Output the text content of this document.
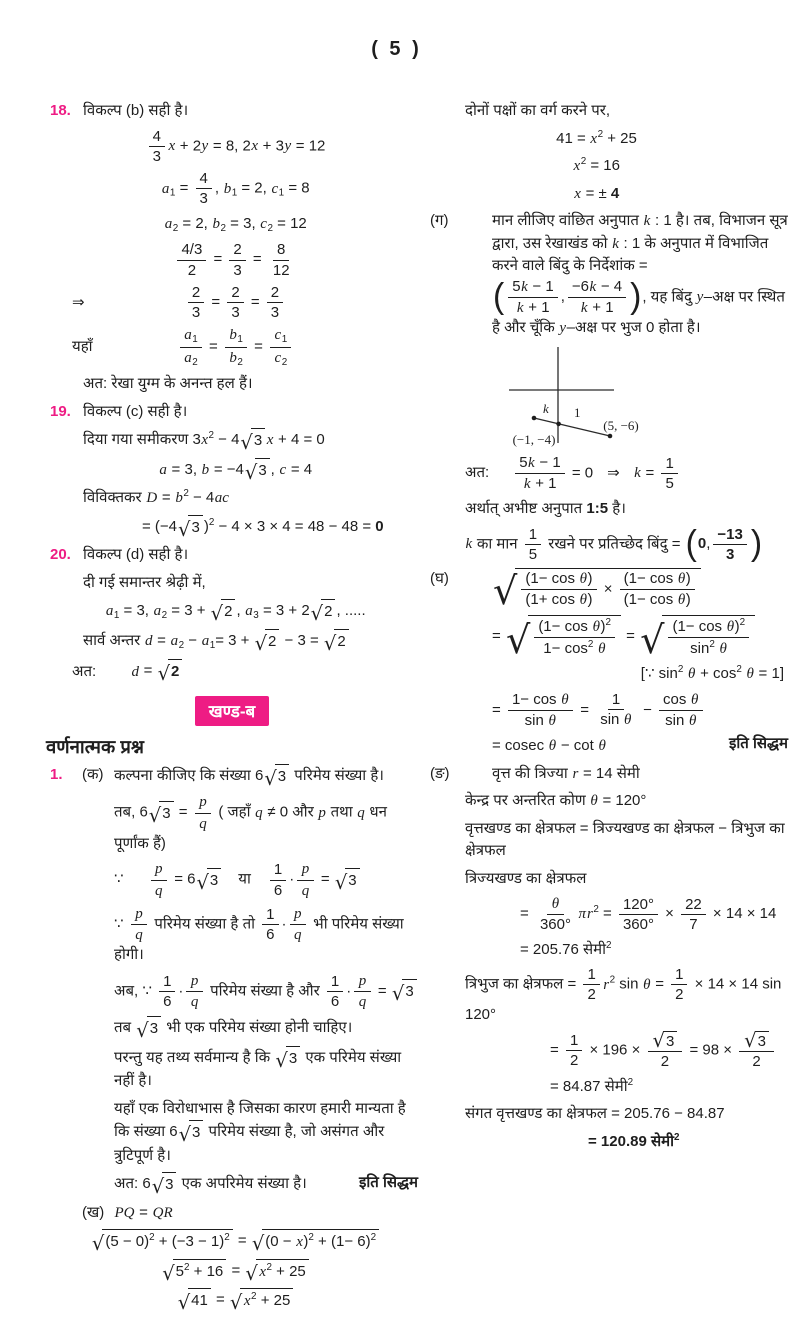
( 5 )
18. विकल्प (b) सही है।
$\frac{4}{3}$ x + 2y = 8, 2x + 3y = 12
$a_1 = \frac{4}{3}$ , $b_1 = 2$, $c_1 = 8$
$a_2 = 2$, $b_2 = 3$, $c_2 = 12$
$\frac{4/3}{2} = \frac{2}{3} = \frac{8}{12}$
⇒	$\frac{2}{3} = \frac{2}{3} = \frac{2}{3}$
यहाँ	$\frac{a_1}{a_2} = \frac{b_1}{b_2} = \frac{c_1}{c_2}$
अत: रेखा युग्म के अनन्त हल हैं।
19. विकल्प (c) सही है।
दिया गया समीकरण $3x^2 - 4$ √ 3 x + 4 = 0
a = 3, b = −4 √ 3 , c = 4
विविक्तकर $D = b^2 - 4ac$
= (−4 √ 3 )$^2$ − 4 × 3 × 4 = 48 − 48 = 0
20. विकल्प (d) सही है।
दी गई समान्तर श्रेढ़ी में,
$a_1 = 3$, $a_2 = 3$ + √ 2 , $a_3 = 3 + 2$ √ 2 , .....
सार्व अन्तर $d = a_2 - a_1= 3$ + √ 2 − 3 = √ 2
अत: d = √ 2
खण्ड-ब
वर्णनात्मक प्रश्न
1. (क) कल्पना कीजिए कि संख्या 6 √ 3 परिमेय संख्या है।
तब, 6 √ $3 = \frac{p}{q}$ ( जहाँ q ≠ 0 और p तथा q धन पूर्णांक हैं)
∵ $\frac{p}{q} = 6$ √ 3 या $\frac{1}{6} \cdot \frac{p}{q}$ = √ 3
∵ $\frac{p}{q}$ परिमेय संख्या है तो $\frac{1}{6} \cdot \frac{p}{q}$ भी परिमेय संख्या होगी।
अब, ∵ $\frac{1}{6} \cdot \frac{p}{q}$ परिमेय संख्या है और $\frac{1}{6} \cdot \frac{p}{q}$ = √ 3
तब √ 3 भी एक परिमेय संख्या होनी चाहिए।
परन्तु यह तथ्य सर्वमान्य है कि √ 3 एक परिमेय संख्या नहीं है।
यहाँ एक विरोधाभास है जिसका कारण हमारी मान्यता है कि संख्या 6 √ 3 परिमेय संख्या है, जो असंगत और त्रुटिपूर्ण है।
अत: 6 √ 3 एक अपरिमेय संख्या है।	इति सिद्धम
(ख) PQ = QR
√ $(5 - 0)^2 + (-3 - 1)^2$ = √ $(0 - x)^2 + (1- 6)^2$
√ $5^2 + 16$ = √ $x^2 + 25$
√ 41 = √ $x^2 + 25$
दोनों पक्षों का वर्ग करने पर,
$41 = x^2 + 25$
$x^2 = 16$
x = ± 4
(ग)	मान लीजिए वांछित अनुपात k : 1 है। तब, विभाजन सूत्र द्वारा, उस रेखाखंड को k : 1 के अनुपात में विभाजित करने वाले बिंदु के निर्देशांक =
( 5k − 1
k + 1
,
−6k − 4
k + 1 ) , यह बिंदु y–अक्ष पर स्थित है और चूँकि y–अक्ष पर भुज 0 होता है।
k 1
(−1, −4)
(5, −6)
अत: $\frac{5k - 1}{k + 1} = 0$ ⇒ $k = \frac{1}{5}$
अर्थात् अभीष्ट अनुपात 1:5 है।
k का मान $\frac{1}{5}$ रखने पर प्रतिच्छेद बिंदु = ( 0 ,
−13
3 )
(घ) √ $\frac{\text{(1− cos θ)}}{\text{(1+ cos θ)}} \times \frac{\text{(1− cos θ)}}{\text{(1− cos θ)}}$
= √ $\frac{(1- \cos \theta)^2}{1- \cos^2 \theta}$ = √ $\frac{(1- \cos \theta)^2}{\sin^2 \theta}$
[∵ $\sin^2 \theta + \cos^2 \theta = 1$]
= $\frac{\text{1− cos θ}}{\text{sin θ}} = \frac{1}{\text{sin θ}} - \frac{\text{cos θ}}{\text{sin θ}}$
= cosec θ − cot θ	इति सिद्धम
(ङ)	वृत्त की त्रिज्या r = 14 सेमी
केन्द्र पर अन्तरित कोण θ = 120°
वृत्तखण्ड का क्षेत्रफल = त्रिज्यखण्ड का क्षेत्रफल − त्रिभुज का क्षेत्रफल
त्रिज्यखण्ड का क्षेत्रफल
= $\frac{\theta}{360^\circ} \pi r^2 = \frac{120^\circ}{360^\circ} \times \frac{22}{7} \times 14 \times 14$
= 205.76 सेमी$^2$
त्रिभुज का क्षेत्रफल = $\frac{1}{2} r^2$ $\sin \theta = \frac{1}{2} \times 14 \times 14$ sin 120°
= $\frac{1}{2} \times 196 \times \frac{√ 3}{2} = 98 \times \frac{√ 3}{2}$
= 84.87 सेमी$^2$
संगत वृत्तखण्ड का क्षेत्रफल = 205.76 − 84.87
= 120.89 सेमी$^2$
